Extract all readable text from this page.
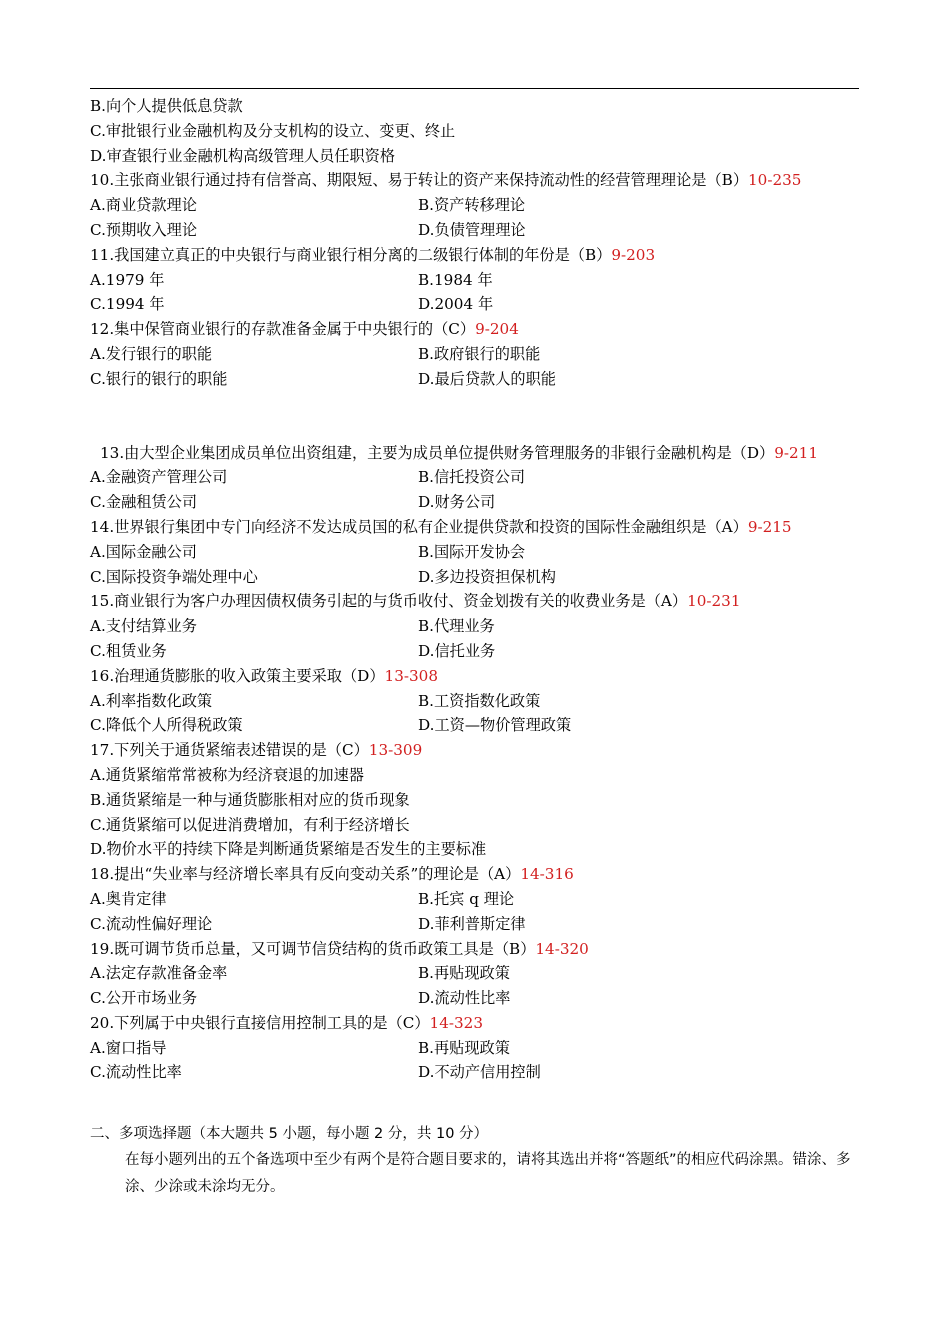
B.向个人提供低息贷款
C.审批银行业金融机构及分支机构的设立、变更、终止
D.审查银行业金融机构高级管理人员任职资格
10.主张商业银行通过持有信誉高、期限短、易于转让的资产来保持流动性的经营管理理论是（B）10-235
A.商业贷款理论	B.资产转移理论
C.预期收入理论	D.负债管理理论
11.我国建立真正的中央银行与商业银行相分离的二级银行体制的年份是（B）9-203
A.1979 年	B.1984 年
C.1994 年	D.2004 年
12.集中保管商业银行的存款准备金属于中央银行的（C）9-204
A.发行银行的职能	B.政府银行的职能
C.银行的银行的职能	D.最后贷款人的职能
13.由大型企业集团成员单位出资组建，主要为成员单位提供财务管理服务的非银行金融机构是（D）9-211
A.金融资产管理公司	B.信托投资公司
C.金融租赁公司	D.财务公司
14.世界银行集团中专门向经济不发达成员国的私有企业提供贷款和投资的国际性金融组织是（A）9-215
A.国际金融公司	B.国际开发协会
C.国际投资争端处理中心	D.多边投资担保机构
15.商业银行为客户办理因债权债务引起的与货币收付、资金划拨有关的收费业务是（A）10-231
A.支付结算业务	B.代理业务
C.租赁业务	D.信托业务
16.治理通货膨胀的收入政策主要采取（D）13-308
A.利率指数化政策	B.工资指数化政策
C.降低个人所得税政策	D.工资—物价管理政策
17.下列关于通货紧缩表述错误的是（C）13-309
A.通货紧缩常常被称为经济衰退的加速器
B.通货紧缩是一种与通货膨胀相对应的货币现象
C.通货紧缩可以促进消费增加，有利于经济增长
D.物价水平的持续下降是判断通货紧缩是否发生的主要标准
18.提出“失业率与经济增长率具有反向变动关系”的理论是（A）14-316
A.奥肯定律	B.托宾 q 理论
C.流动性偏好理论	D.菲利普斯定律
19.既可调节货币总量，又可调节信贷结构的货币政策工具是（B）14-320
A.法定存款准备金率	B.再贴现政策
C.公开市场业务	D.流动性比率
20.下列属于中央银行直接信用控制工具的是（C）14-323
A.窗口指导	B.再贴现政策
C.流动性比率	D.不动产信用控制
二、多项选择题（本大题共 5 小题，每小题 2 分，共 10 分）
在每小题列出的五个备选项中至少有两个是符合题目要求的，请将其选出并将“答题纸”的相应代码涂黑。错涂、多涂、少涂或未涂均无分。
